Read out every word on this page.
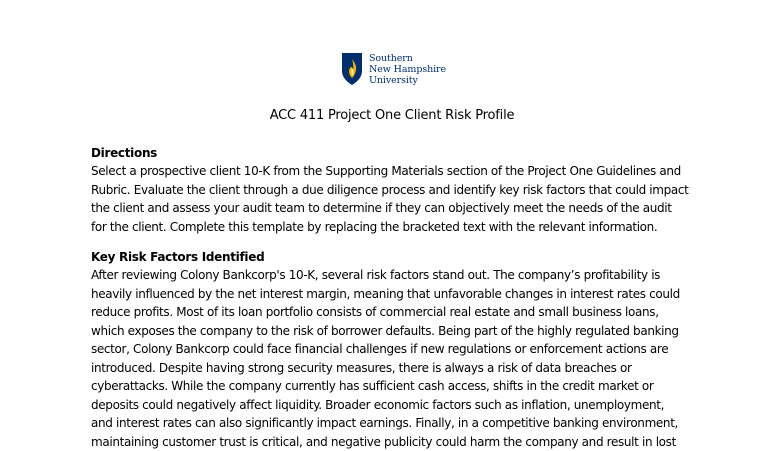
Southern
New Hampshire
University
ACC 411 Project One Client Risk Profile
Directions
Select a prospective client 10-K from the Supporting Materials section of the Project One Guidelines and
Rubric. Evaluate the client through a due diligence process and identify key risk factors that could impact
the client and assess your audit team to determine if they can objectively meet the needs of the audit
for the client. Complete this template by replacing the bracketed text with the relevant information.
Key Risk Factors Identified
After reviewing Colony Bankcorp's 10-K, several risk factors stand out. The company’s profitability is
heavily influenced by the net interest margin, meaning that unfavorable changes in interest rates could
reduce profits. Most of its loan portfolio consists of commercial real estate and small business loans,
which exposes the company to the risk of borrower defaults. Being part of the highly regulated banking
sector, Colony Bankcorp could face financial challenges if new regulations or enforcement actions are
introduced. Despite having strong security measures, there is always a risk of data breaches or
cyberattacks. While the company currently has sufficient cash access, shifts in the credit market or
deposits could negatively affect liquidity. Broader economic factors such as inflation, unemployment,
and interest rates can also significantly impact earnings. Finally, in a competitive banking environment,
maintaining customer trust is critical, and negative publicity could harm the company and result in lost
